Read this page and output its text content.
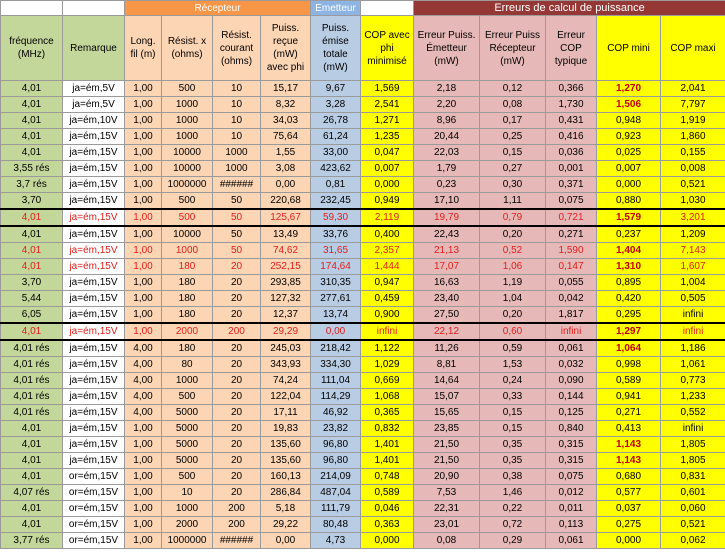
		Récepteur				Emetteur		Erreurs de calcul de puissance				
fréquence (MHz)	Remarque	Long. fil (m)	Résist. x (ohms)	Résist. courant (ohms)	Puiss. reçue (mW) avec phi	Puiss. émise totale (mW)	COP avec phi minimisé	Erreur Puiss. Émetteur (mW)	Erreur Puiss Récepteur (mW)	Erreur COP typique	COP mini	COP maxi
4,01	ja=ém,5V	1,00	500	10	15,17	9,67	1,569	2,18	0,12	0,366	1,270	2,041
4,01	ja=ém,5V	1,00	1000	10	8,32	3,28	2,541	2,20	0,08	1,730	1,506	7,797
4,01	ja=ém,10V	1,00	1000	10	34,03	26,78	1,271	8,96	0,17	0,431	0,948	1,919
4,01	ja=ém,15V	1,00	1000	10	75,64	61,24	1,235	20,44	0,25	0,416	0,923	1,860
4,01	ja=ém,15V	1,00	10000	1000	1,55	33,00	0,047	22,03	0,15	0,036	0,025	0,155
3,55 rés	ja=ém,15V	1,00	10000	1000	3,08	423,62	0,007	1,79	0,27	0,001	0,007	0,008
3,7 rés	ja=ém,15V	1,00	1000000	######	0,00	0,81	0,000	0,23	0,30	0,371	0,000	0,521
3,70	ja=ém,15V	1,00	500	50	220,68	232,45	0,949	17,10	1,11	0,075	0,880	1,030
4,01	ja=ém,15V	1,00	500	50	125,67	59,30	2,119	19,79	0,79	0,721	1,579	3,201
4,01	ja=ém,15V	1,00	10000	50	13,49	33,76	0,400	22,43	0,20	0,271	0,237	1,209
4,01	ja=ém,15V	1,00	1000	50	74,62	31,65	2,357	21,13	0,52	1,590	1,404	7,143
4,01	ja=ém,15V	1,00	180	20	252,15	174,64	1,444	17,07	1,06	0,147	1,310	1,607
3,70	ja=ém,15V	1,00	180	20	293,85	310,35	0,947	16,63	1,19	0,055	0,895	1,004
5,44	ja=ém,15V	1,00	180	20	127,32	277,61	0,459	23,40	1,04	0,042	0,420	0,505
6,05	ja=ém,15V	1,00	180	20	12,37	13,74	0,900	27,50	0,20	1,817	0,295	infini
4,01	ja=ém,15V	1,00	2000	200	29,29	0,00	infini	22,12	0,60	infini	1,297	infini
4,01 rés	ja=ém,15V	4,00	180	20	245,03	218,42	1,122	11,26	0,59	0,061	1,064	1,186
4,01 rés	ja=ém,15V	4,00	80	20	343,93	334,30	1,029	8,81	1,53	0,032	0,998	1,061
4,01 rés	ja=ém,15V	4,00	1000	20	74,24	111,04	0,669	14,64	0,24	0,090	0,589	0,773
4,01 rés	ja=ém,15V	4,00	500	20	122,04	114,29	1,068	15,07	0,33	0,144	0,941	1,233
4,01 rés	ja=ém,15V	4,00	5000	20	17,11	46,92	0,365	15,65	0,15	0,125	0,271	0,552
4,01	ja=ém,15V	1,00	5000	20	19,83	23,82	0,832	23,85	0,15	0,840	0,413	infini
4,01	ja=ém,15V	1,00	5000	20	135,60	96,80	1,401	21,50	0,35	0,315	1,143	1,805
4,01	ja=ém,15V	1,00	5000	20	135,60	96,80	1,401	21,50	0,35	0,315	1,143	1,805
4,01	or=ém,15V	1,00	500	20	160,13	214,09	0,748	20,90	0,38	0,075	0,680	0,831
4,07 rés	or=ém,15V	1,00	10	20	286,84	487,04	0,589	7,53	1,46	0,012	0,577	0,601
4,01	or=ém,15V	1,00	1000	200	5,18	111,79	0,046	22,31	0,22	0,011	0,037	0,060
4,01	or=ém,15V	1,00	2000	200	29,22	80,48	0,363	23,01	0,72	0,113	0,275	0,521
3,77 rés	or=ém,15V	1,00	1000000	######	0,00	4,73	0,000	0,08	0,29	0,061	0,000	0,062
